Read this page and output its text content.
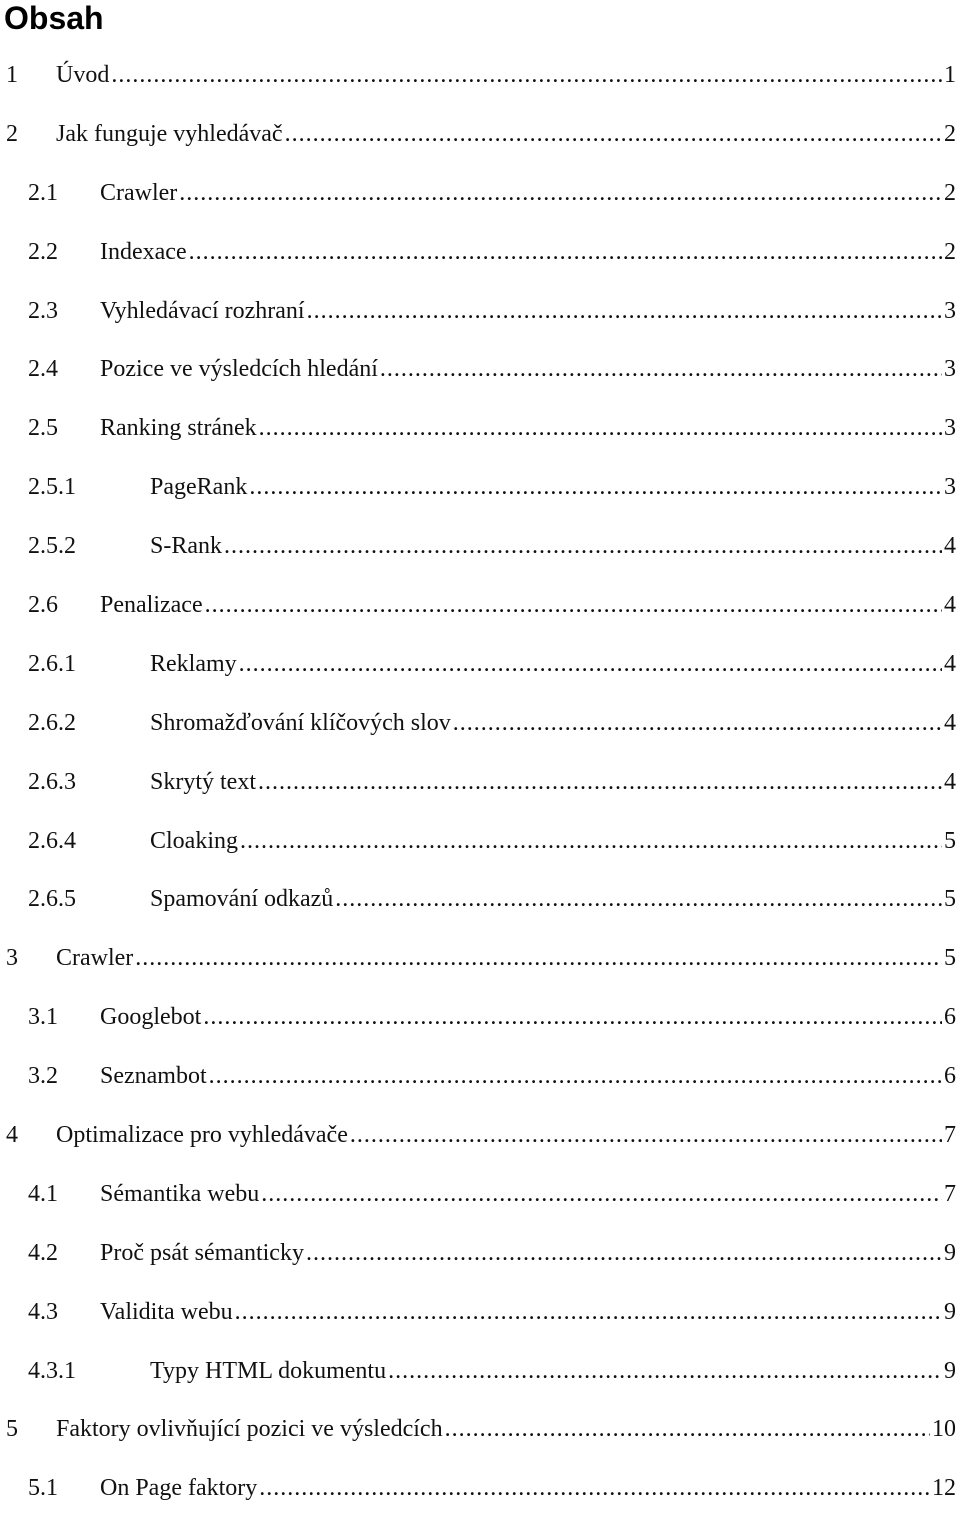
Obsah
1	Úvod .....	1
2	Jak funguje vyhledávač .....	2
2.1	Crawler .....	2
2.2	Indexace .....	2
2.3	Vyhledávací rozhraní .....	3
2.4	Pozice ve výsledcích hledání .....	3
2.5	Ranking stránek .....	3
2.5.1	PageRank .....	3
2.5.2	S-Rank .....	4
2.6	Penalizace .....	4
2.6.1	Reklamy .....	4
2.6.2	Shromažďování klíčových slov .....	4
2.6.3	Skrytý text .....	4
2.6.4	Cloaking .....	5
2.6.5	Spamování odkazů .....	5
3	Crawler .....	5
3.1	Googlebot .....	6
3.2	Seznambot .....	6
4	Optimalizace pro vyhledávače .....	7
4.1	Sémantika webu .....	7
4.2	Proč psát sémanticky .....	9
4.3	Validita webu .....	9
4.3.1	Typy HTML dokumentu .....	9
5	Faktory ovlivňující pozici ve výsledcích .....	10
5.1	On Page faktory .....	12
